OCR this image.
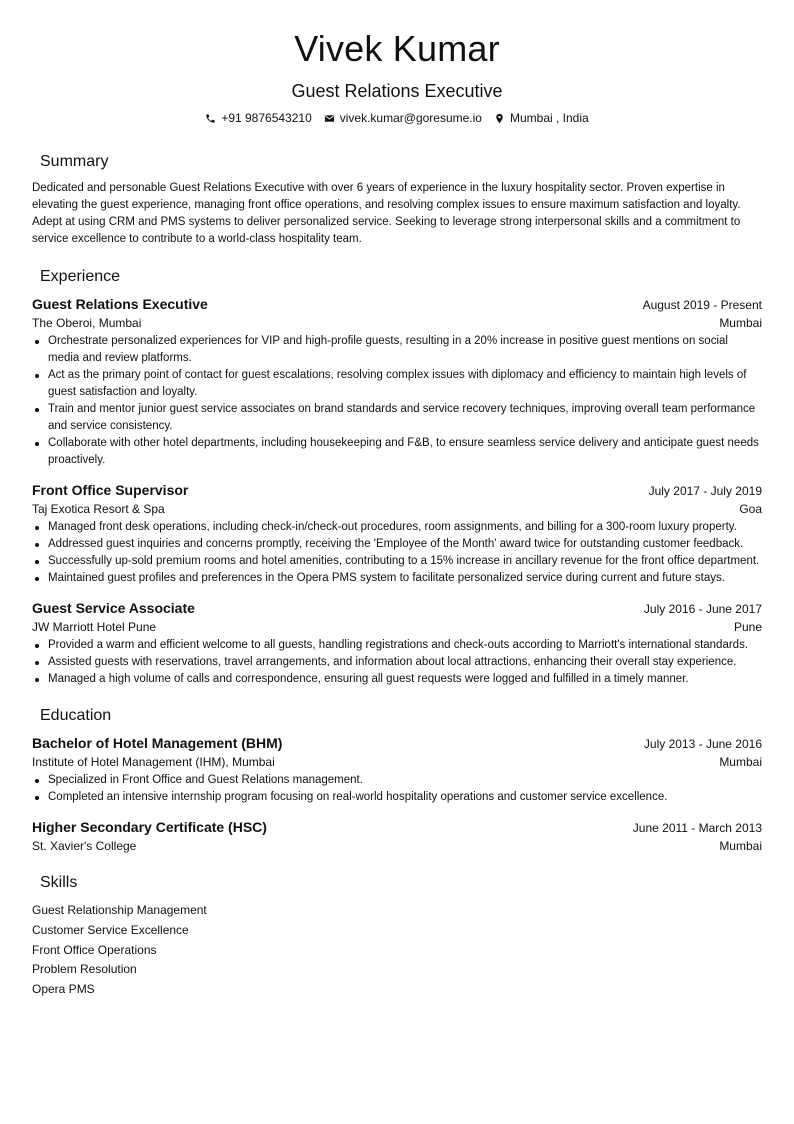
Vivek Kumar
Guest Relations Executive
+91 9876543210 vivek.kumar@goresume.io Mumbai , India
Summary

Dedicated and personable Guest Relations Executive with over 6 years of experience in the luxury hospitality sector. Proven expertise in elevating the guest experience, managing front office operations, and resolving complex issues to ensure maximum satisfaction and loyalty. Adept at using CRM and PMS systems to deliver personalized service. Seeking to leverage strong interpersonal skills and a commitment to service excellence to contribute to a world-class hospitality team.

Experience
Guest Relations Executive	August 2019 - Present
The Oberoi, Mumbai	Mumbai
Orchestrate personalized experiences for VIP and high-profile guests, resulting in a 20% increase in positive guest mentions on social media and review platforms.
Act as the primary point of contact for guest escalations, resolving complex issues with diplomacy and efficiency to maintain high levels of guest satisfaction and loyalty.
Train and mentor junior guest service associates on brand standards and service recovery techniques, improving overall team performance and service consistency.
Collaborate with other hotel departments, including housekeeping and F&B, to ensure seamless service delivery and anticipate guest needs proactively.
Front Office Supervisor	July 2017 - July 2019
Taj Exotica Resort & Spa	Goa
Managed front desk operations, including check-in/check-out procedures, room assignments, and billing for a 300-room luxury property.
Addressed guest inquiries and concerns promptly, receiving the 'Employee of the Month' award twice for outstanding customer feedback.
Successfully up-sold premium rooms and hotel amenities, contributing to a 15% increase in ancillary revenue for the front office department.
Maintained guest profiles and preferences in the Opera PMS system to facilitate personalized service during current and future stays.
Guest Service Associate	July 2016 - June 2017
JW Marriott Hotel Pune	Pune
Provided a warm and efficient welcome to all guests, handling registrations and check-outs according to Marriott's international standards.
Assisted guests with reservations, travel arrangements, and information about local attractions, enhancing their overall stay experience.
Managed a high volume of calls and correspondence, ensuring all guest requests were logged and fulfilled in a timely manner.
Education
Bachelor of Hotel Management (BHM)	July 2013 - June 2016
Institute of Hotel Management (IHM), Mumbai	Mumbai
Specialized in Front Office and Guest Relations management.
Completed an intensive internship program focusing on real-world hospitality operations and customer service excellence.
Higher Secondary Certificate (HSC)	June 2011 - March 2013
St. Xavier's College	Mumbai
Skills
Guest Relationship Management
Customer Service Excellence
Front Office Operations
Problem Resolution
Opera PMS
